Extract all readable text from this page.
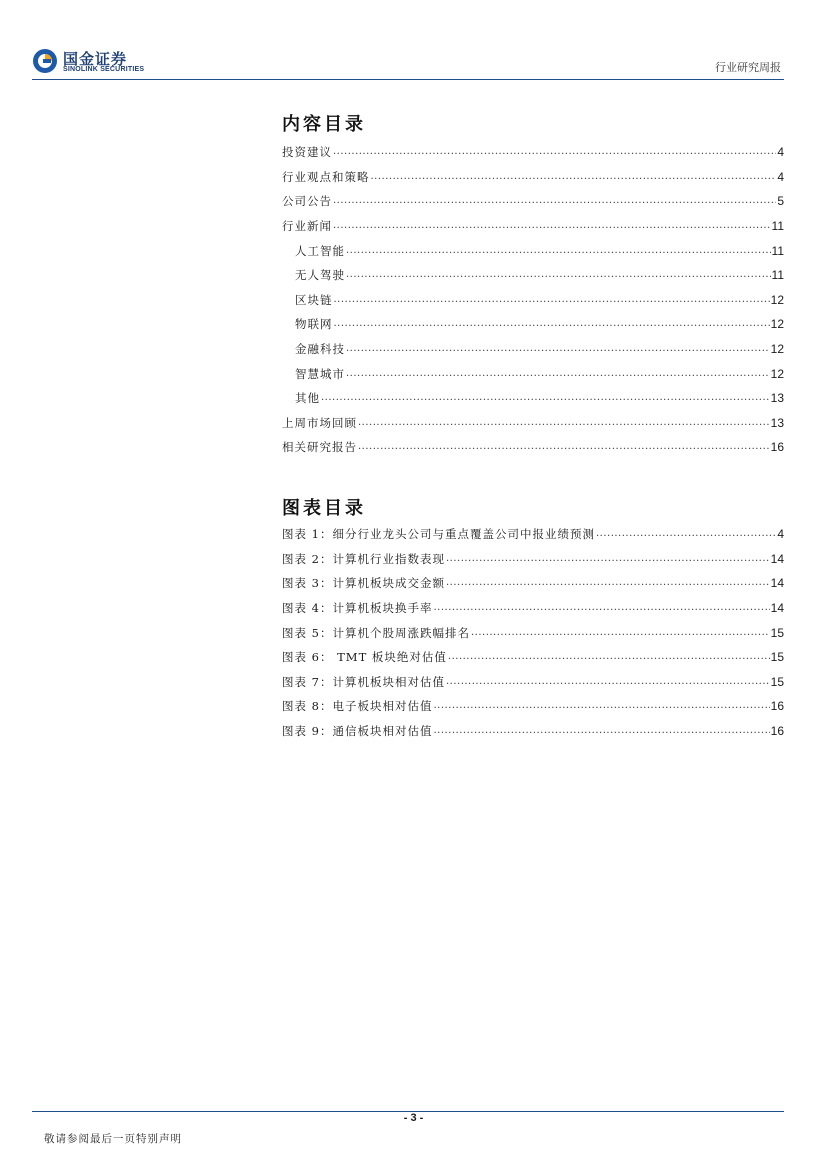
国金证券
SINOLINK SECURITIES	行业研究周报
内容目录
投资建议 .....	4
行业观点和策略 .....	4
公司公告 .....	5
行业新闻 .....	11
人工智能 .....	11
无人驾驶 .....	11
区块链 .....	12
物联网 .....	12
金融科技 .....	12
智慧城市 .....	12
其他 .....	13
上周市场回顾 .....	13
相关研究报告 .....	16
图表目录
图表 1：细分行业龙头公司与重点覆盖公司中报业绩预测 .....	4
图表 2：计算机行业指数表现 .....	14
图表 3：计算机板块成交金额 .....	14
图表 4：计算机板块换手率 .....	14
图表 5：计算机个股周涨跌幅排名 .....	15
图表 6： TMT 板块绝对估值 .....	15
图表 7：计算机板块相对估值 .....	15
图表 8：电子板块相对估值 .....	16
图表 9：通信板块相对估值 .....	16
- 3 -
敬请参阅最后一页特别声明
